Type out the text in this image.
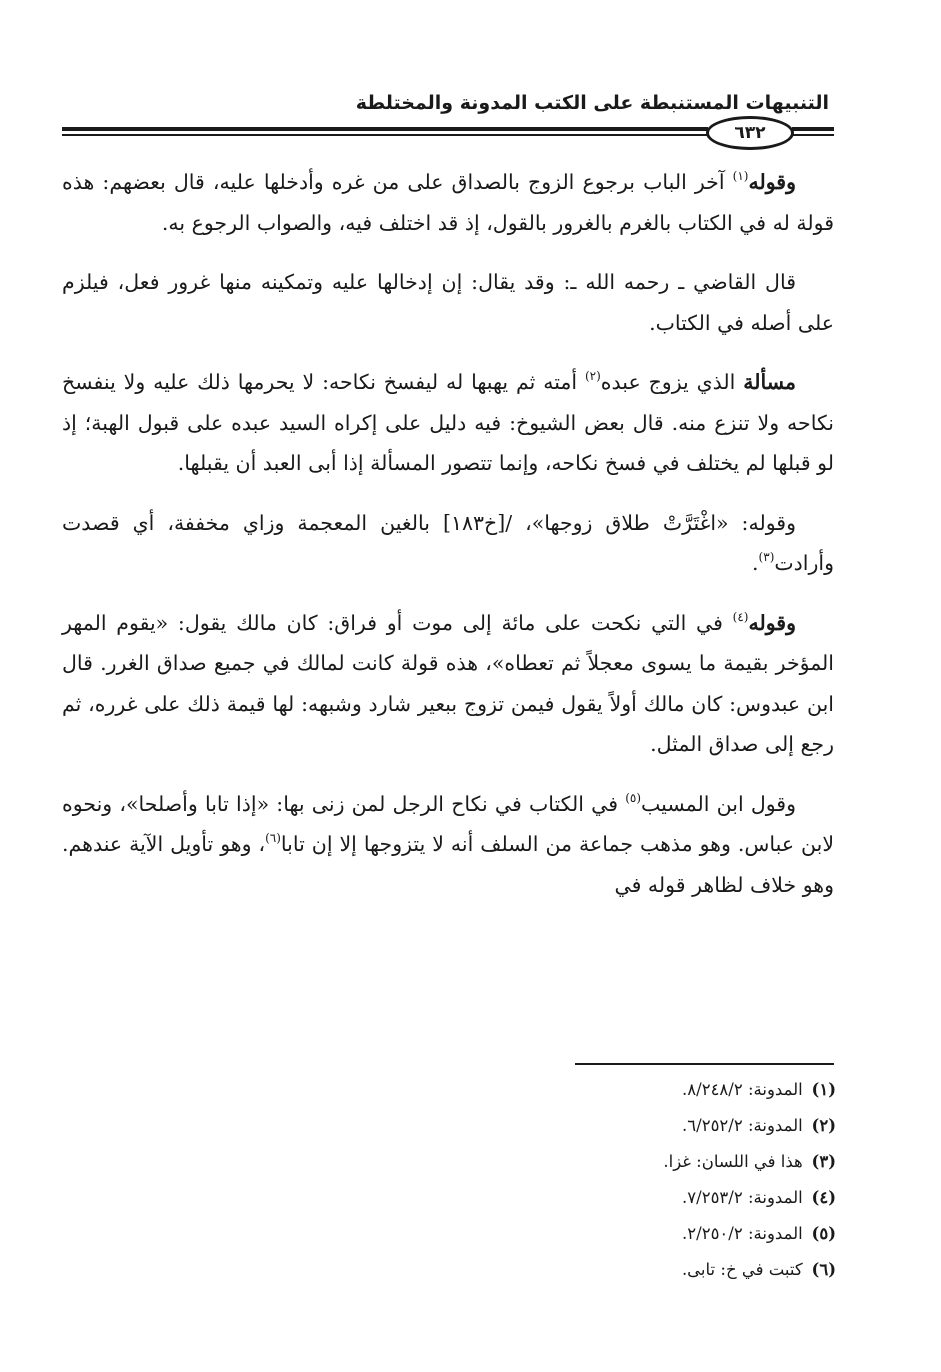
التنبيهات المستنبطة على الكتب المدونة والمختلطة
٦٣٢

وقوله$^{(١)}$ آخر الباب برجوع الزوج بالصداق على من غره وأدخلها عليه، قال بعضهم: هذه قولة له في الكتاب بالغرم بالغرور بالقول، إذ قد اختلف فيه، والصواب الرجوع به.

قال القاضي ـ رحمه الله ـ: وقد يقال: إن إدخالها عليه وتمكينه منها غرور فعل، فيلزم على أصله في الكتاب.

مسألة الذي يزوج عبده$^{(٢)}$ أمته ثم يهبها له ليفسخ نكاحه: لا يحرمها ذلك عليه ولا ينفسخ نكاحه ولا تنزع منه. قال بعض الشيوخ: فيه دليل على إكراه السيد عبده على قبول الهبة؛ إذ لو قبلها لم يختلف في فسخ نكاحه، وإنما تتصور المسألة إذا أبى العبد أن يقبلها.

وقوله: «اغْتَرَّتْ طلاق زوجها»، /[خ١٨٣] بالغين المعجمة وزاي مخففة، أي قصدت وأرادت$^{(٣)}$.

وقوله$^{(٤)}$ في التي نكحت على مائة إلى موت أو فراق: كان مالك يقول: «يقوم المهر المؤخر بقيمة ما يسوى معجلاً ثم تعطاه»، هذه قولة كانت لمالك في جميع صداق الغرر. قال ابن عبدوس: كان مالك أولاً يقول فيمن تزوج ببعير شارد وشبهه: لها قيمة ذلك على غرره، ثم رجع إلى صداق المثل.

وقول ابن المسيب$^{(٥)}$ في الكتاب في نكاح الرجل لمن زنى بها: «إذا تابا وأصلحا»، ونحوه لابن عباس. وهو مذهب جماعة من السلف أنه لا يتزوجها إلا إن تابا$^{(٦)}$، وهو تأويل الآية عندهم. وهو خلاف لظاهر قوله في

(١) المدونة: ٨/٢٤٨/٢.
(٢) المدونة: ٦/٢٥٢/٢.
(٣) هذا في اللسان: غزا.
(٤) المدونة: ٧/٢٥٣/٢.
(٥) المدونة: ٢/٢٥٠/٢.
(٦) كتبت في خ: تابى.
